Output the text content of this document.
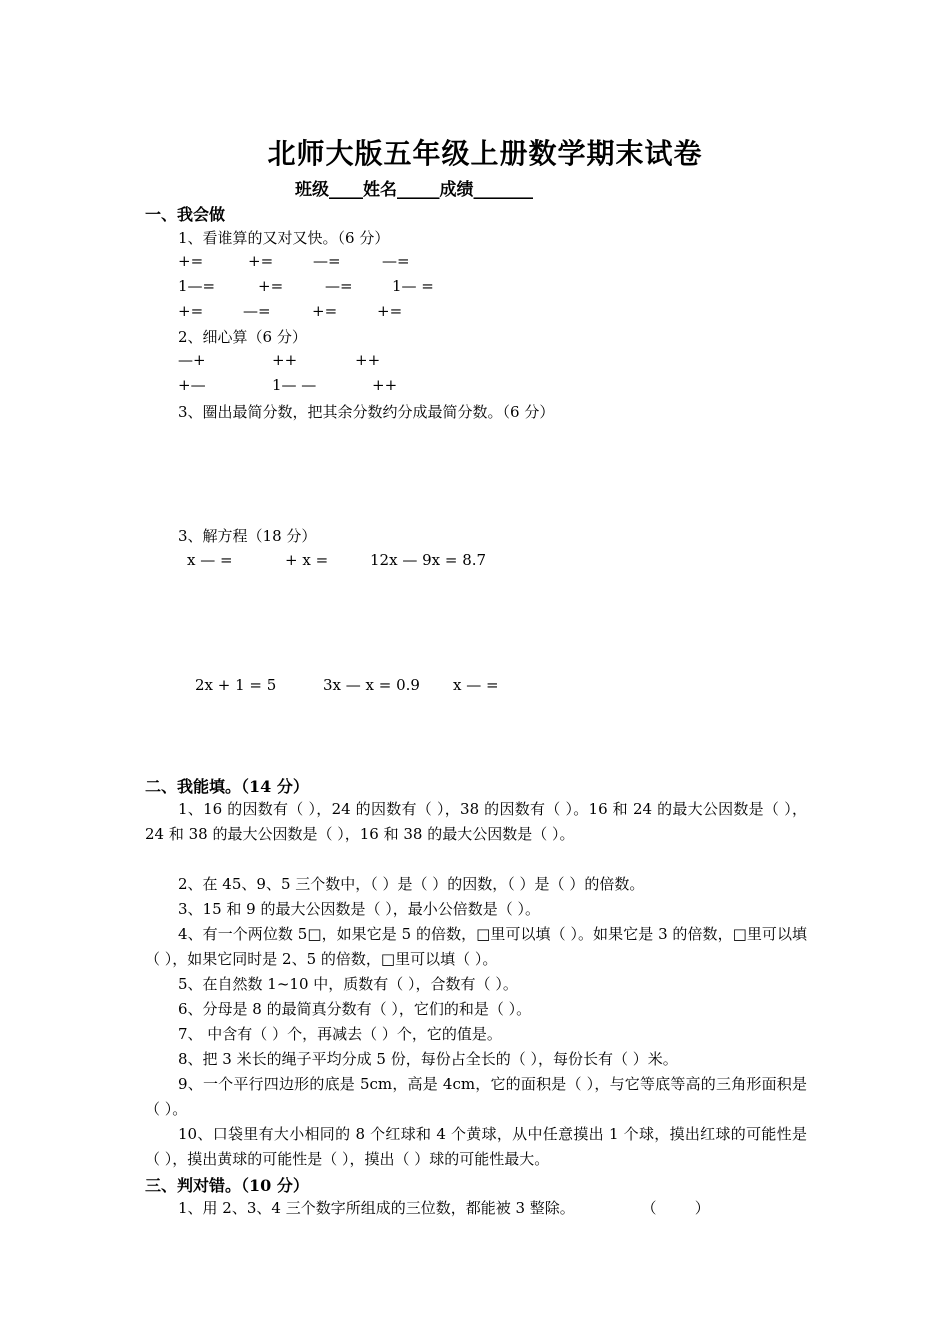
北师大版五年级上册数学期末试卷
班级____姓名_____成绩_______
一、我会做
1、看谁算的又对又快。（6 分）
+=	+=	—=	—=
1—=	+=	—=	1— =
+=	—=	+=	+=
2、细心算（6 分）
—+	++	++
+—	1— —	++
3、圈出最简分数，把其余分数约分成最简分数。（6 分）
3、解方程（18 分）
x — =	+ x =	12x — 9x = 8.7
2x + 1 = 5	3x — x = 0.9 x — =
二、我能填。（14 分）
1、16 的因数有（ ），24 的因数有（ ），38 的因数有（ ）。16 和 24 的最大公因数是（ ），24 和 38 的最大公因数是（ ），16 和 38 的最大公因数是（ ）。
2、在 45、9、5 三个数中，（ ）是（ ）的因数，（ ）是（ ）的倍数。
3、15 和 9 的最大公因数是（ ），最小公倍数是（ ）。
4、有一个两位数 5□，如果它是 5 的倍数，□里可以填（ ）。如果它是 3 的倍数，□里可以填（ ），如果它同时是 2、5 的倍数，□里可以填（ ）。
5、在自然数 1~10 中，质数有（ ），合数有（ ）。
6、分母是 8 的最简真分数有（ ），它们的和是（ ）。
7、 中含有（ ）个，再减去（ ）个，它的值是。
8、把 3 米长的绳子平均分成 5 份，每份占全长的（ ），每份长有（ ）米。
9、一个平行四边形的底是 5cm，高是 4cm，它的面积是（ ），与它等底等高的三角形面积是（ ）。
10、口袋里有大小相同的 8 个红球和 4 个黄球，从中任意摸出 1 个球，摸出红球的可能性是（ ），摸出黄球的可能性是（ ），摸出（ ）球的可能性最大。
三、判对错。（10 分）
1、用 2、3、4 三个数字所组成的三位数，都能被 3 整除。              （        ）
